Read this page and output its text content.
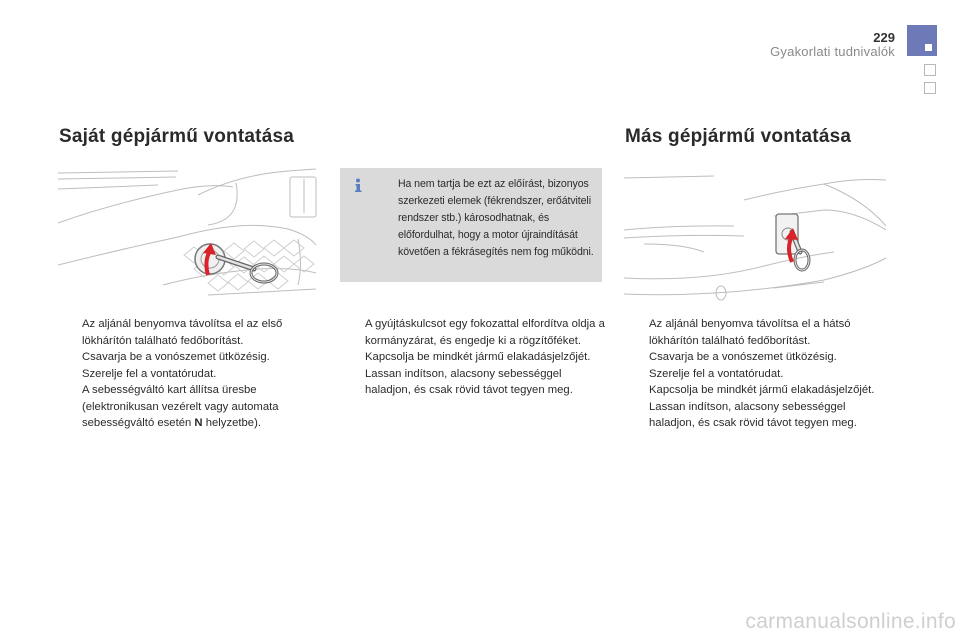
229
Gyakorlati tudnivalók
Saját gépjármű vontatása	Más gépjármű vontatása
Ha nem tartja be ezt az előírást, bizonyos szerkezeti elemek (fékrendszer, erőátviteli rendszer stb.) károsodhatnak, és előfordulhat, hogy a motor újraindítását követően a fékrásegítés nem fog működni.
Az aljánál benyomva távolítsa el az első lökhárítón található fedőborítást.
Csavarja be a vonószemet ütközésig.
Szerelje fel a vontatórudat.
A sebességváltó kart állítsa üresbe (elektronikusan vezérelt vagy automata sebességváltó esetén N helyzetbe).
A gyújtáskulcsot egy fokozattal elfordítva oldja a kormányzárat, és engedje ki a rögzítőféket.
Kapcsolja be mindkét jármű elakadásjelzőjét.
Lassan indítson, alacsony sebességgel haladjon, és csak rövid távot tegyen meg.
Az aljánál benyomva távolítsa el a hátsó lökhárítón található fedőborítást.
Csavarja be a vonószemet ütközésig.
Szerelje fel a vontatórudat.
Kapcsolja be mindkét jármű elakadásjelzőjét.
Lassan indítson, alacsony sebességgel haladjon, és csak rövid távot tegyen meg.
carmanualsonline.info
